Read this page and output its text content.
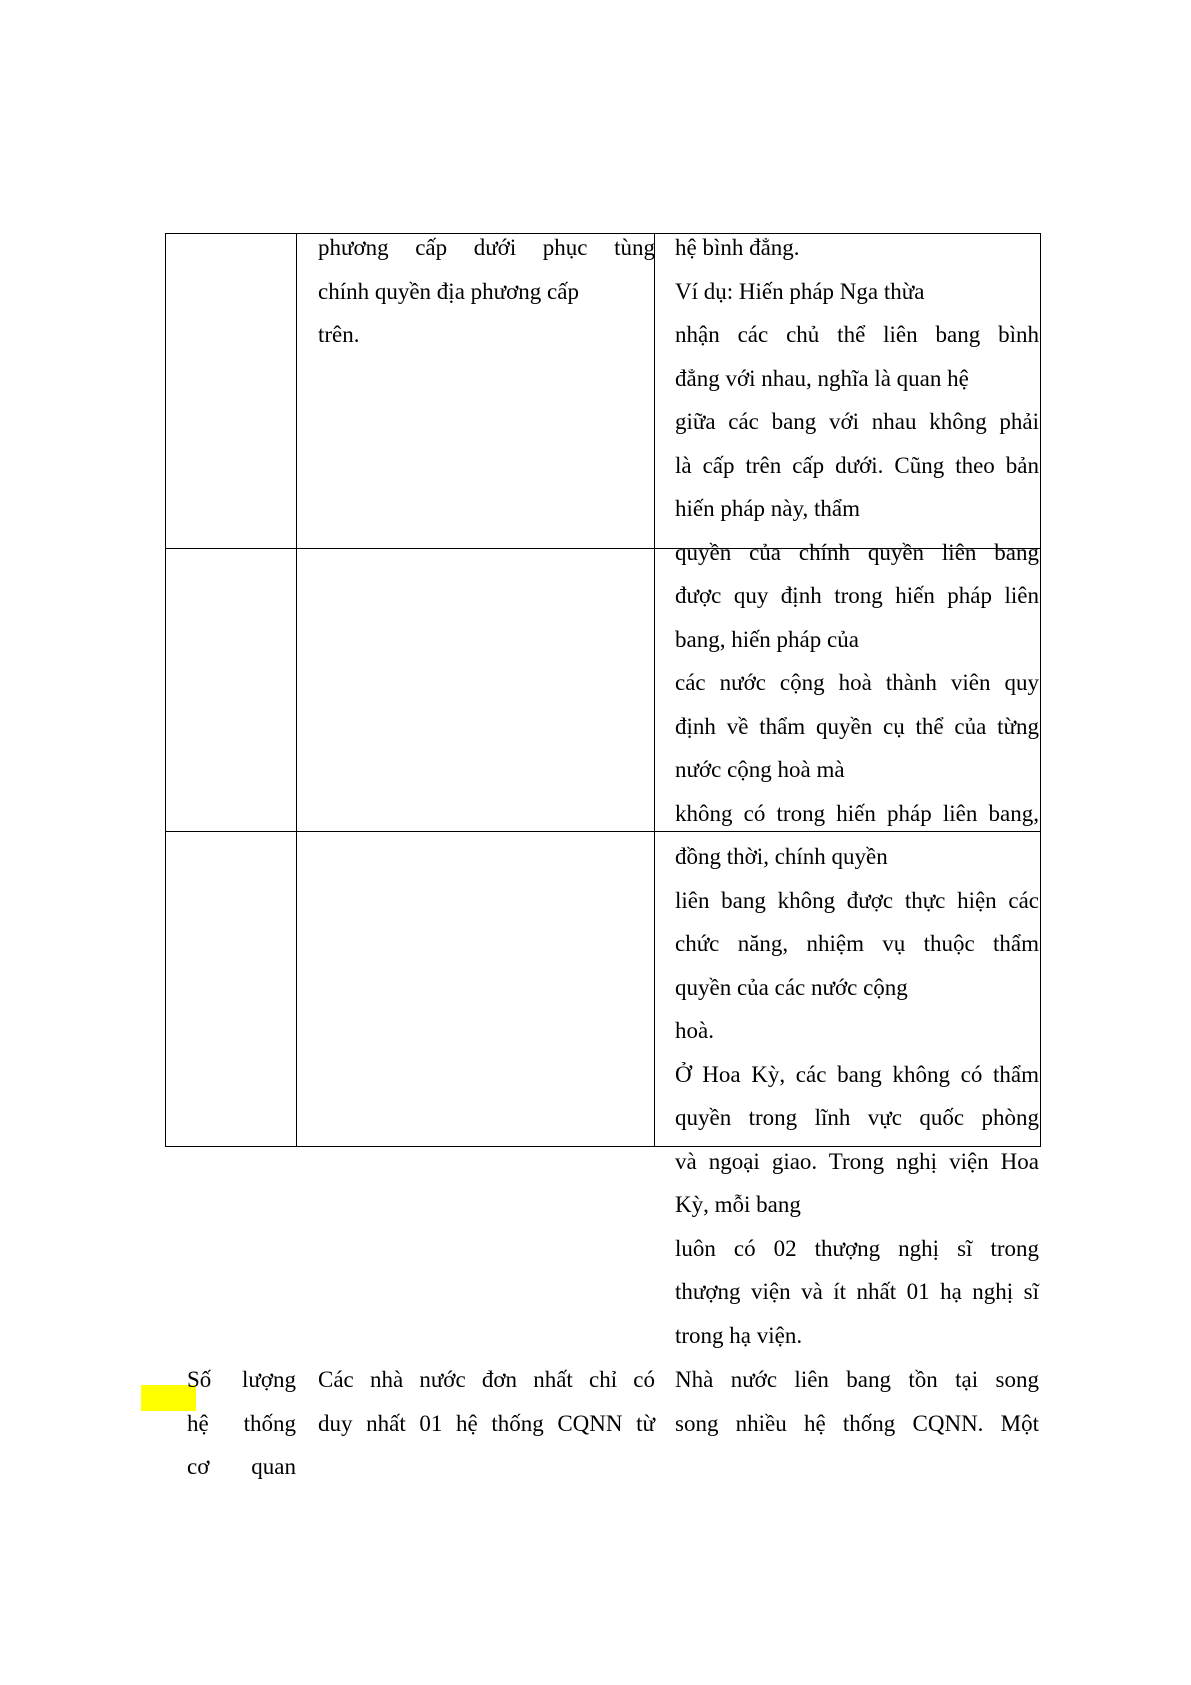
phương cấp dưới phục tùng
chính quyền địa phương cấp
trên.
hệ bình đẳng.
Ví dụ: Hiến pháp Nga thừa
nhận các chủ thể liên bang bình
đẳng với nhau, nghĩa là quan hệ
giữa các bang với nhau không phải
là cấp trên cấp dưới. Cũng theo bản
hiến pháp này, thẩm
quyền của chính quyền liên bang
được quy định trong hiến pháp liên
bang, hiến pháp của
các nước cộng hoà thành viên quy
định về thẩm quyền cụ thể của từng
nước cộng hoà mà
không có trong hiến pháp liên bang,
đồng thời, chính quyền
liên bang không được thực hiện các
chức năng, nhiệm vụ thuộc thẩm
quyền của các nước cộng
hoà.
Ở Hoa Kỳ, các bang không có thẩm
quyền trong lĩnh vực quốc phòng
và ngoại giao. Trong nghị viện Hoa
Kỳ, mỗi bang
luôn có 02 thượng nghị sĩ trong
thượng viện và ít nhất 01 hạ nghị sĩ
trong hạ viện.
Số lượng
hệ thống
cơ quan
Các nhà nước đơn nhất chỉ có
duy nhất 01 hệ thống CQNN từ
Nhà nước liên bang tồn tại song
song nhiều hệ thống CQNN. Một
